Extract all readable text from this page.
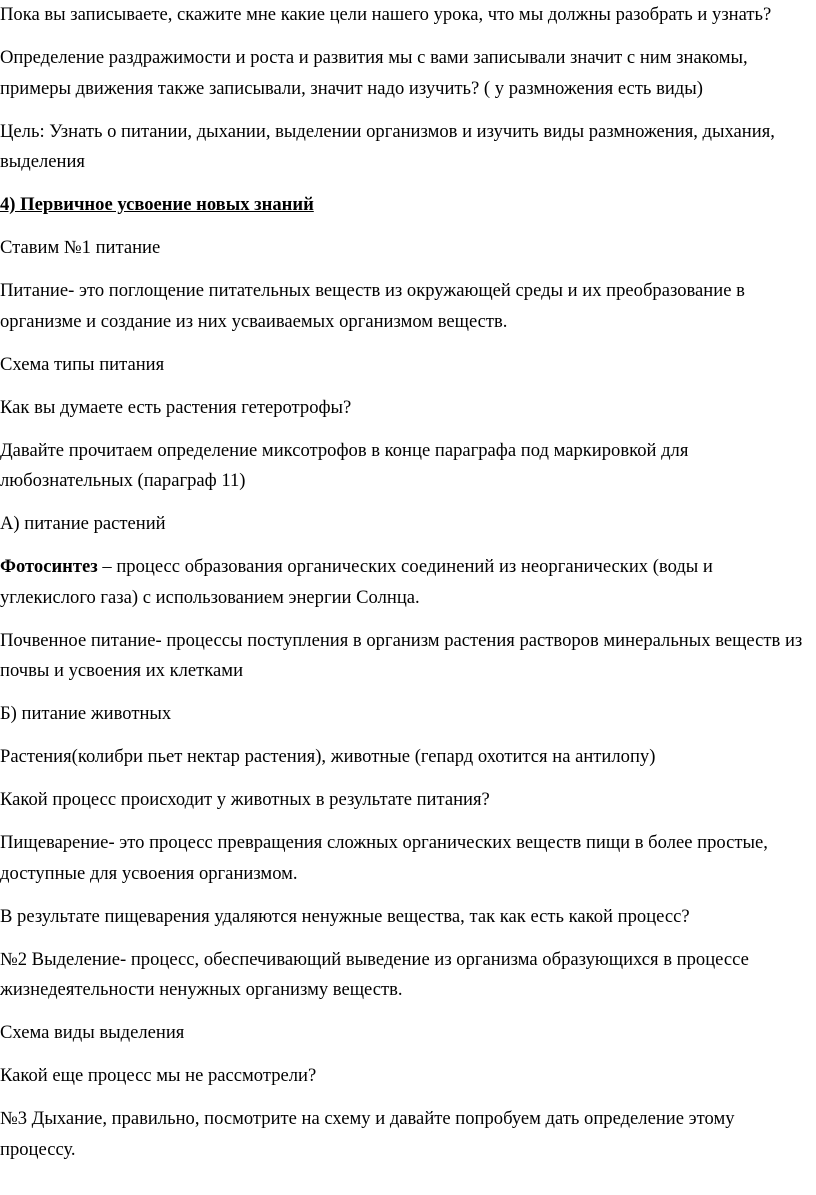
Пока вы записываете, скажите мне какие цели нашего урока, что мы должны разобрать и узнать?

Определение раздражимости и роста и развития мы с вами записывали значит с ним знакомы, примеры движения также записывали, значит надо изучить? ( у размножения есть виды)

Цель: Узнать о питании, дыхании, выделении организмов и изучить виды размножения, дыхания, выделения

4) Первичное усвоение новых знаний

Ставим №1 питание

Питание- это поглощение питательных веществ из окружающей среды и их преобразование в организме и создание из них усваиваемых организмом веществ.

Схема типы питания

Как вы думаете есть растения гетеротрофы?

Давайте прочитаем определение миксотрофов в конце параграфа под маркировкой для любознательных (параграф 11)

А) питание растений

Фотосинтез – процесс образования органических соединений из неорганических (воды и углекислого газа) с использованием энергии Солнца.

Почвенное питание- процессы поступления в организм растения растворов минеральных веществ из почвы и усвоения их клетками

Б) питание животных

Растения(колибри пьет нектар растения), животные (гепард охотится на антилопу)

Какой процесс происходит у животных в результате питания?

Пищеварение- это процесс превращения сложных органических веществ пищи в более простые, доступные для усвоения организмом.

В результате пищеварения удаляются ненужные вещества, так как есть какой процесс?

№2 Выделение- процесс, обеспечивающий выведение из организма образующихся в процессе жизнедеятельности ненужных организму веществ.

Схема виды выделения

Какой еще процесс мы не рассмотрели?

№3 Дыхание, правильно, посмотрите на схему и давайте попробуем дать определение этому процессу.
